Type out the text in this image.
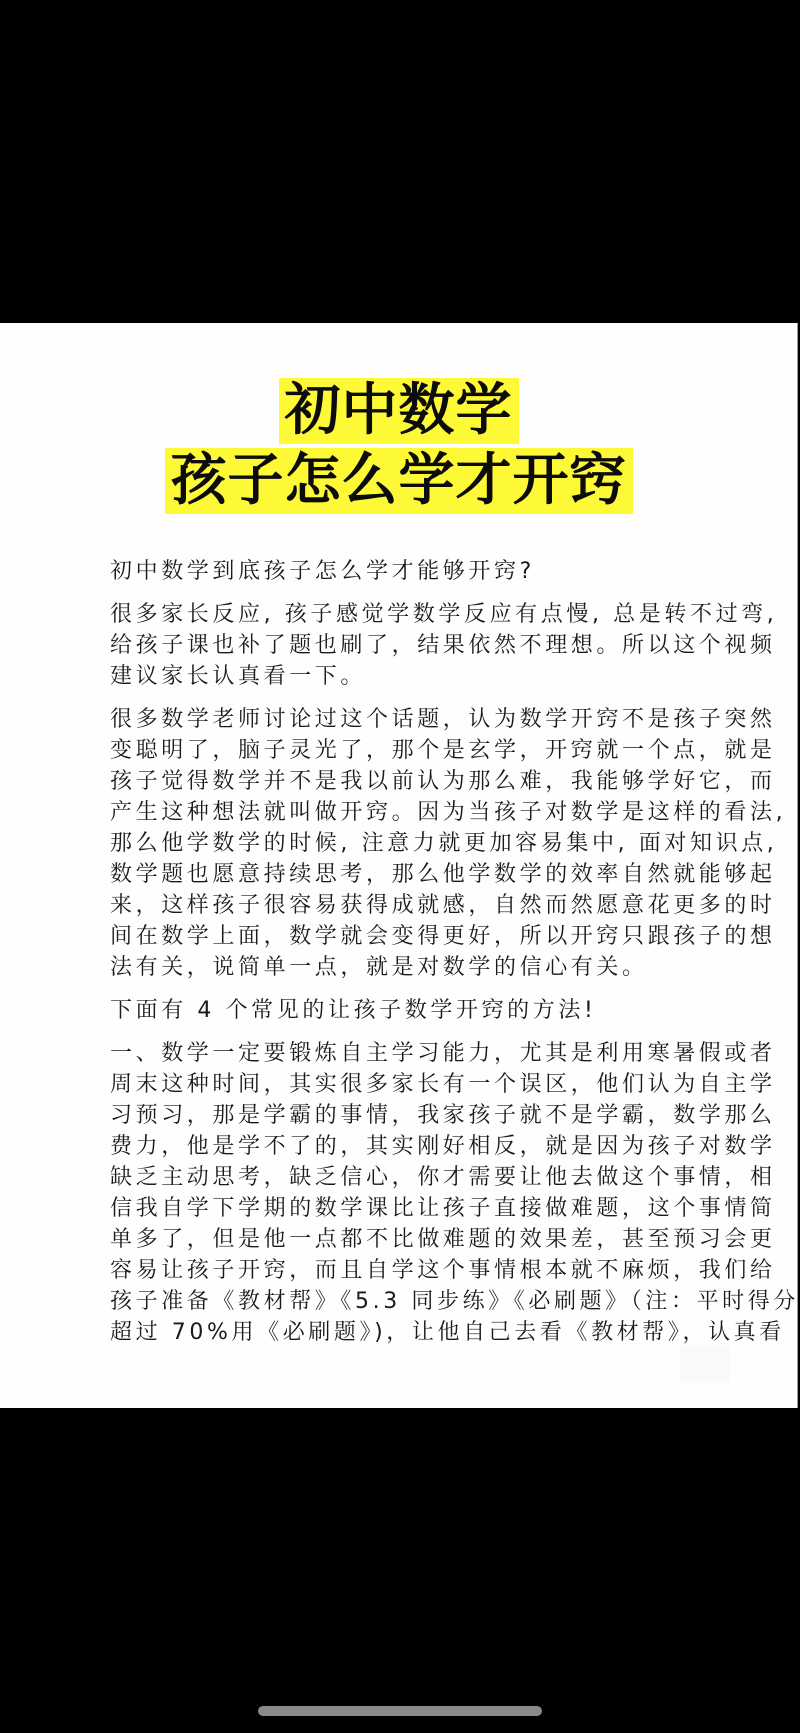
初中数学
孩子怎么学才开窍
初中数学到底孩子怎么学才能够开窍?
很多家长反应, 孩子感觉学数学反应有点慢, 总是转不过弯,
给孩子课也补了题也刷了，结果依然不理想。所以这个视频
建议家长认真看一下。
很多数学老师讨论过这个话题，认为数学开窍不是孩子突然
变聪明了，脑子灵光了，那个是玄学，开窍就一个点，就是
孩子觉得数学并不是我以前认为那么难，我能够学好它，而
产生这种想法就叫做开窍。因为当孩子对数学是这样的看法,
那么他学数学的时候, 注意力就更加容易集中, 面对知识点,
数学题也愿意持续思考，那么他学数学的效率自然就能够起
来，这样孩子很容易获得成就感，自然而然愿意花更多的时
间在数学上面，数学就会变得更好，所以开窍只跟孩子的想
法有关，说简单一点，就是对数学的信心有关。
下面有 4 个常见的让孩子数学开窍的方法!
一、数学一定要锻炼自主学习能力，尤其是利用寒暑假或者
周末这种时间，其实很多家长有一个误区，他们认为自主学
习预习，那是学霸的事情，我家孩子就不是学霸，数学那么
费力，他是学不了的，其实刚好相反，就是因为孩子对数学
缺乏主动思考，缺乏信心，你才需要让他去做这个事情，相
信我自学下学期的数学课比让孩子直接做难题，这个事情简
单多了，但是他一点都不比做难题的效果差，甚至预习会更
容易让孩子开窍，而且自学这个事情根本就不麻烦，我们给
孩子准备《教材帮》《5.3 同步练》《必刷题》（注：平时得分
超过 70%用《必刷题》)，让他自己去看《教材帮》，认真看
